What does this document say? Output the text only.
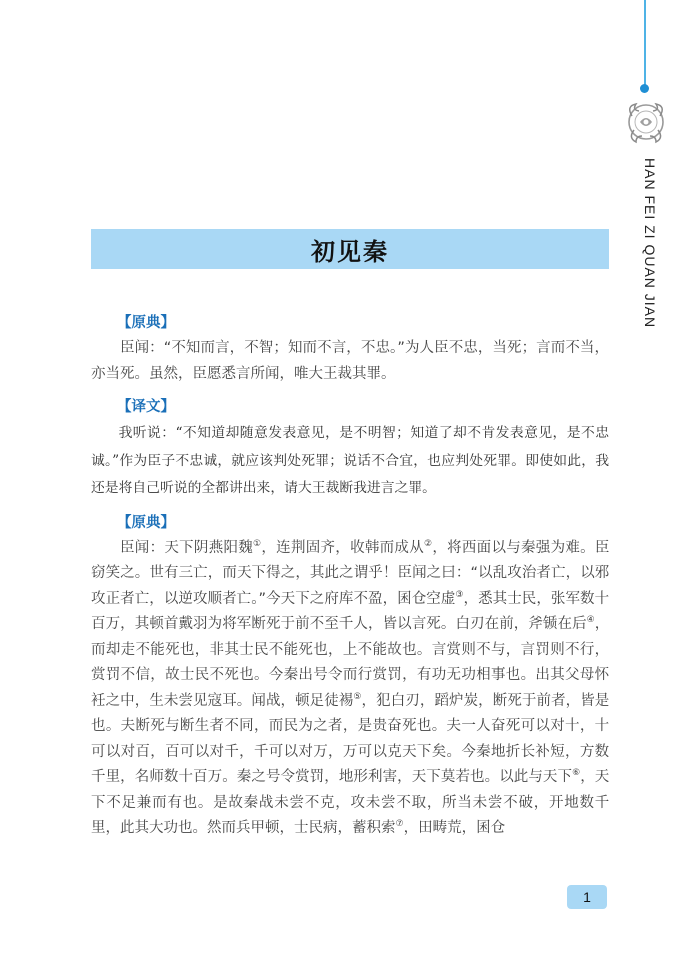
HAN FEI ZI QUAN JIAN
初见秦
【原典】

臣闻：“不知而言，不智；知而不言，不忠。”为人臣不忠，当死；言而不当，亦当死。虽然，臣愿悉言所闻，唯大王裁其罪。

【译文】

我听说：“不知道却随意发表意见，是不明智；知道了却不肯发表意见，是不忠诚。”作为臣子不忠诚，就应该判处死罪；说话不合宜，也应判处死罪。即使如此，我还是将自己听说的全都讲出来，请大王裁断我进言之罪。

【原典】

臣闻：天下阴燕阳魏①，连荆固齐，收韩而成从②，将西面以与秦强为难。臣窃笑之。世有三亡，而天下得之，其此之谓乎！臣闻之曰：“以乱攻治者亡，以邪攻正者亡，以逆攻顺者亡。”今天下之府库不盈，囷仓空虚③，悉其士民，张军数十百万，其顿首戴羽为将军断死于前不至千人，皆以言死。白刃在前，斧锧在后④，而却走不能死也，非其士民不能死也，上不能故也。言赏则不与，言罚则不行，赏罚不信，故士民不死也。今秦出号令而行赏罚，有功无功相事也。出其父母怀衽之中，生未尝见寇耳。闻战，顿足徒裼⑤，犯白刃，蹈炉炭，断死于前者，皆是也。夫断死与断生者不同，而民为之者，是贵奋死也。夫一人奋死可以对十，十可以对百，百可以对千，千可以对万，万可以克天下矣。今秦地折长补短，方数千里，名师数十百万。秦之号令赏罚，地形利害，天下莫若也。以此与天下⑥，天下不足兼而有也。是故秦战未尝不克，攻未尝不取，所当未尝不破，开地数千里，此其大功也。然而兵甲顿，士民病，蓄积索⑦，田畴荒，囷仓

1
